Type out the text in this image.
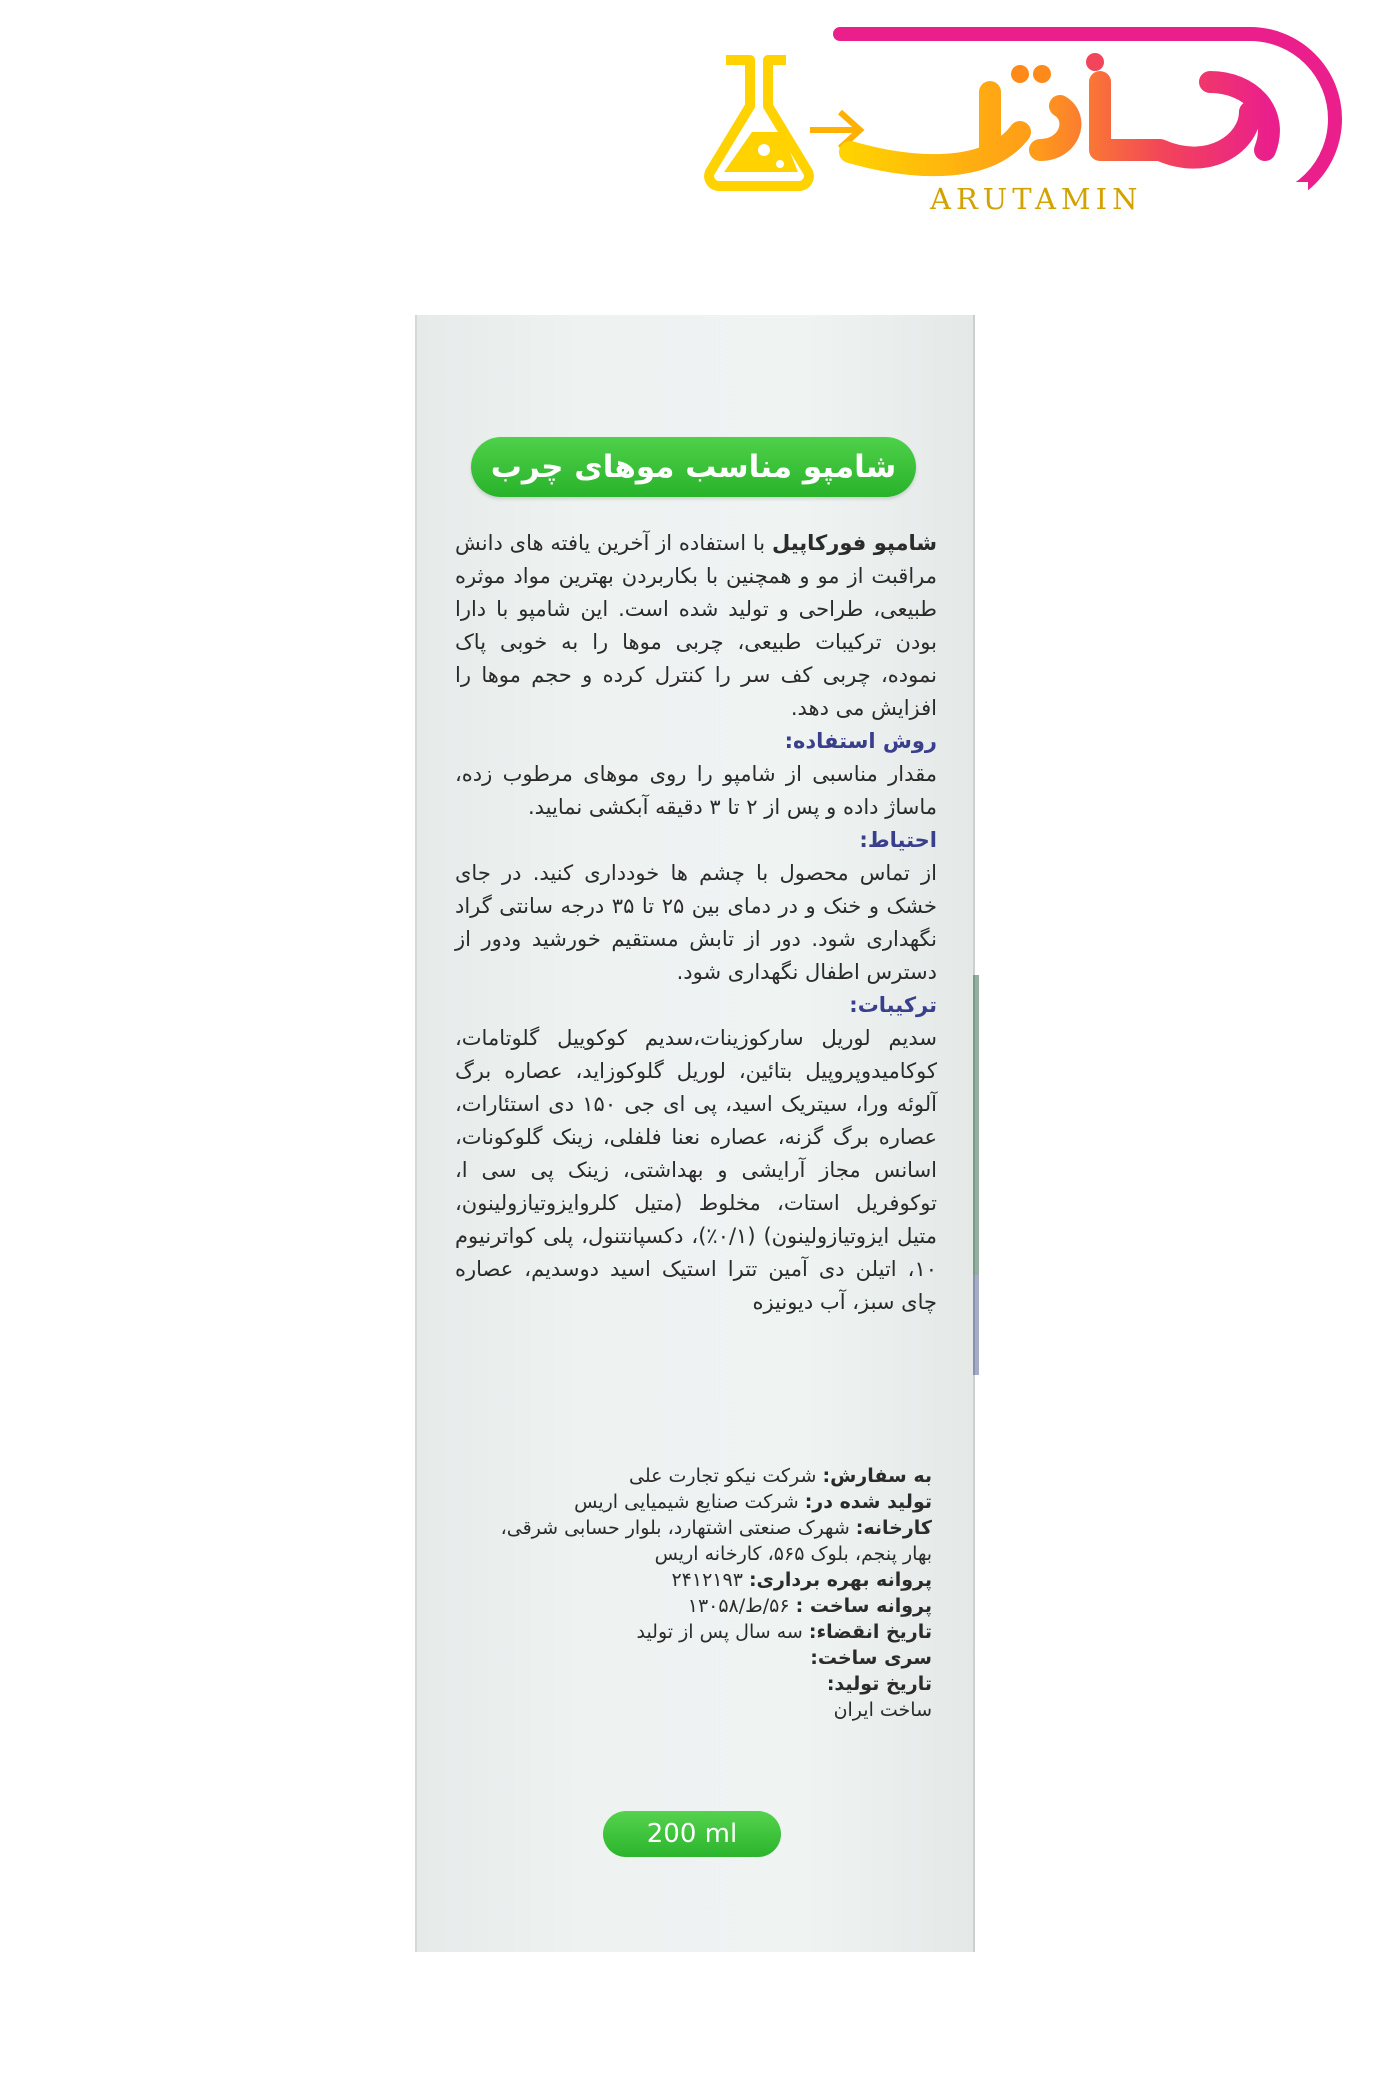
ARUTAMIN
شامپو مناسب موهای چرب

شامپو فورکاپیل با استفاده از آخرین یافته های دانش مراقبت از مو و همچنین با بکاربردن بهترین مواد موثره طبیعی، طراحی و تولید شده است. این شامپو با دارا بودن ترکیبات طبیعی، چربی موها را به خوبی پاک نموده، چربی کف سر را کنترل کرده و حجم موها را افزایش می دهد.

روش استفاده:

مقدار مناسبی از شامپو را روی موهای مرطوب زده، ماساژ داده و پس از ۲ تا ۳ دقیقه آبکشی نمایید.

احتیاط:

از تماس محصول با چشم ها خودداری کنید. در جای خشک و خنک و در دمای بین ۲۵ تا ۳۵ درجه سانتی گراد نگهداری شود. دور از تابش مستقیم خورشید ودور از دسترس اطفال نگهداری شود.

ترکیبات:

سدیم لوریل سارکوزینات،سدیم کوکوییل گلوتامات، کوکامیدوپروپیل بتائین، لوریل گلوکوزاید، عصاره برگ آلوئه ورا، سیتریک اسید، پی ای جی ۱۵۰ دی استئارات، عصاره برگ گزنه، عصاره نعنا فلفلی، زینک گلوکونات، اسانس مجاز آرایشی و بهداشتی، زینک پی سی ا، توکوفریل استات، مخلوط (متیل کلروایزوتیازولینون، متیل ایزوتیازولینون) (۰/۱٪)، دکسپانتنول، پلی کواترنیوم ۱۰، اتیلن دی آمین تترا استیک اسید دوسدیم، عصاره چای سبز، آب دیونیزه

به سفارش: شرکت نیکو تجارت علی
تولید شده در: شرکت صنایع شیمیایی اریس
کارخانه: شهرک صنعتی اشتهارد، بلوار حسابی شرقی، بهار پنجم، بلوک ۵۶۵، کارخانه اریس
پروانه بهره برداری: ۲۴۱۲۱۹۳
پروانه ساخت : ۵۶/ط/۱۳۰۵۸
تاریخ انقضاء: سه سال پس از تولید
سری ساخت:
تاریخ تولید:
ساخت ایران
200 ml
